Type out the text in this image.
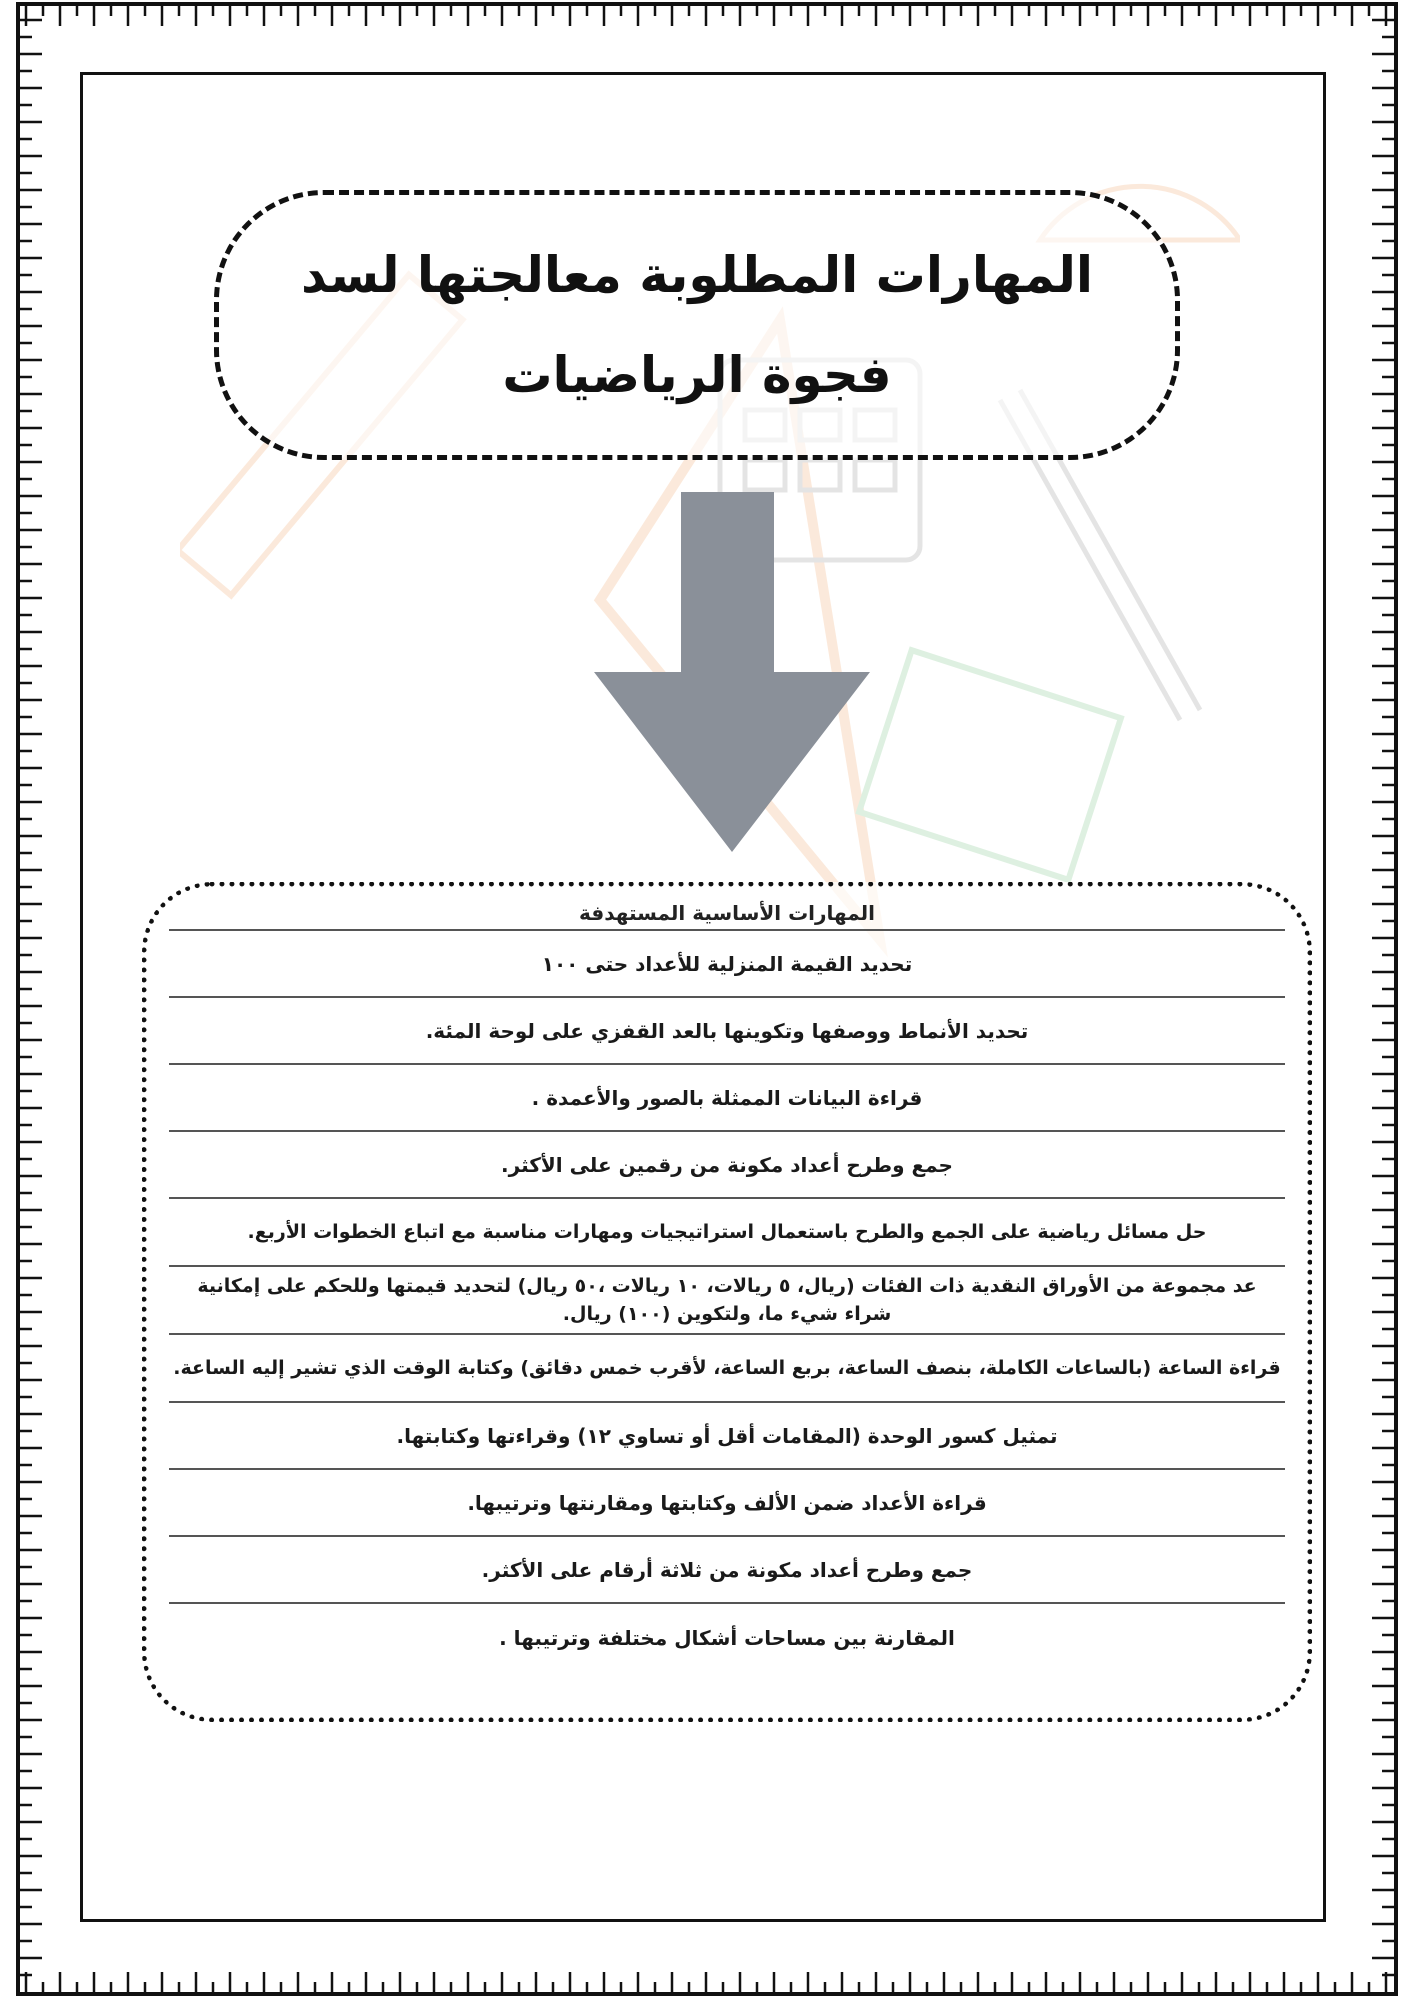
المهارات المطلوبة معالجتها لسد فجوة الرياضيات
المهارات الأساسية المستهدفة
تحديد القيمة المنزلية للأعداد حتى ١٠٠
تحديد الأنماط ووصفها وتكوينها بالعد القفزي على لوحة المئة.
قراءة البيانات الممثلة بالصور والأعمدة .
جمع وطرح أعداد مكونة من رقمين على الأكثر.
حل مسائل رياضية على الجمع والطرح باستعمال استراتيجيات ومهارات مناسبة مع اتباع الخطوات الأربع.
عد مجموعة من الأوراق النقدية ذات الفئات (ريال، ٥ ريالات، ١٠ ريالات ،٥٠ ريال) لتحديد قيمتها وللحكم على إمكانية شراء شيء ما، ولتكوين (١٠٠) ريال.
قراءة الساعة (بالساعات الكاملة، بنصف الساعة، بربع الساعة، لأقرب خمس دقائق) وكتابة الوقت الذي تشير إليه الساعة.
تمثيل كسور الوحدة (المقامات أقل أو تساوي ١٢) وقراءتها وكتابتها.
قراءة الأعداد ضمن الألف وكتابتها ومقارنتها وترتيبها.
جمع وطرح أعداد مكونة من ثلاثة أرقام على الأكثر.
المقارنة بين مساحات أشكال مختلفة وترتيبها .
